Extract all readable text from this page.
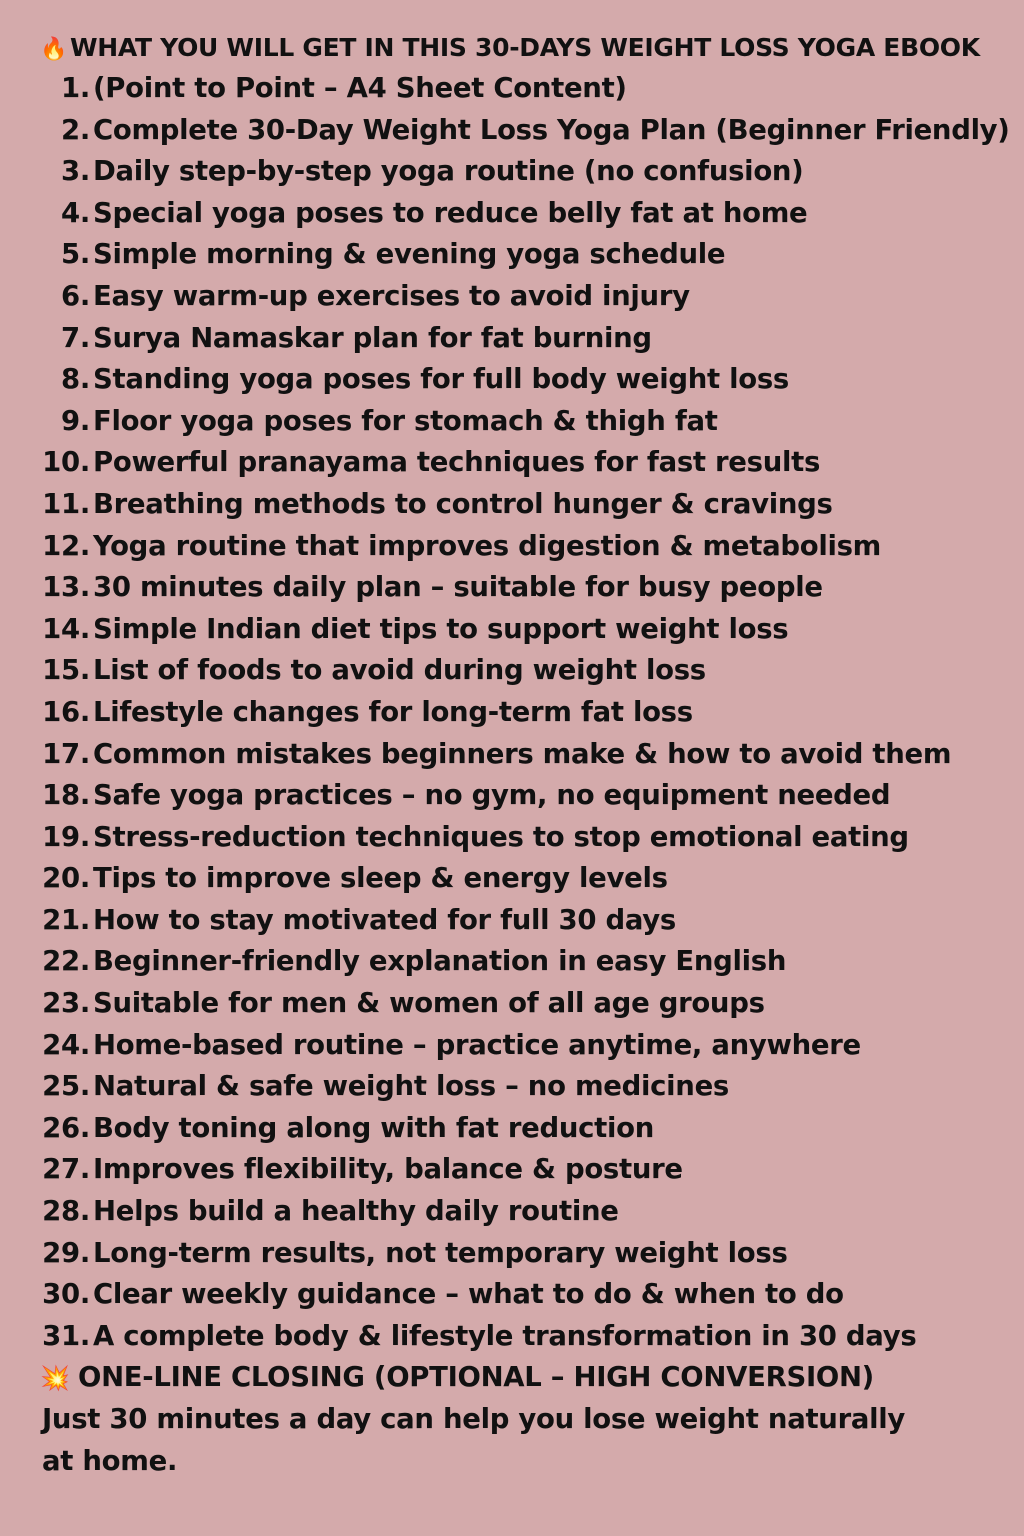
🔥 WHAT YOU WILL GET IN THIS 30-DAYS WEIGHT LOSS YOGA EBOOK
1. (Point to Point – A4 Sheet Content)
2. Complete 30-Day Weight Loss Yoga Plan (Beginner Friendly)
3. Daily step-by-step yoga routine (no confusion)
4. Special yoga poses to reduce belly fat at home
5. Simple morning & evening yoga schedule
6. Easy warm-up exercises to avoid injury
7. Surya Namaskar plan for fat burning
8. Standing yoga poses for full body weight loss
9. Floor yoga poses for stomach & thigh fat
10. Powerful pranayama techniques for fast results
11. Breathing methods to control hunger & cravings
12. Yoga routine that improves digestion & metabolism
13. 30 minutes daily plan – suitable for busy people
14. Simple Indian diet tips to support weight loss
15. List of foods to avoid during weight loss
16. Lifestyle changes for long-term fat loss
17. Common mistakes beginners make & how to avoid them
18. Safe yoga practices – no gym, no equipment needed
19. Stress-reduction techniques to stop emotional eating
20. Tips to improve sleep & energy levels
21. How to stay motivated for full 30 days
22. Beginner-friendly explanation in easy English
23. Suitable for men & women of all age groups
24. Home-based routine – practice anytime, anywhere
25. Natural & safe weight loss – no medicines
26. Body toning along with fat reduction
27. Improves flexibility, balance & posture
28. Helps build a healthy daily routine
29. Long-term results, not temporary weight loss
30. Clear weekly guidance – what to do & when to do
31. A complete body & lifestyle transformation in 30 days
💥 ONE-LINE CLOSING (OPTIONAL – HIGH CONVERSION)
Just 30 minutes a day can help you lose weight naturally at home.
